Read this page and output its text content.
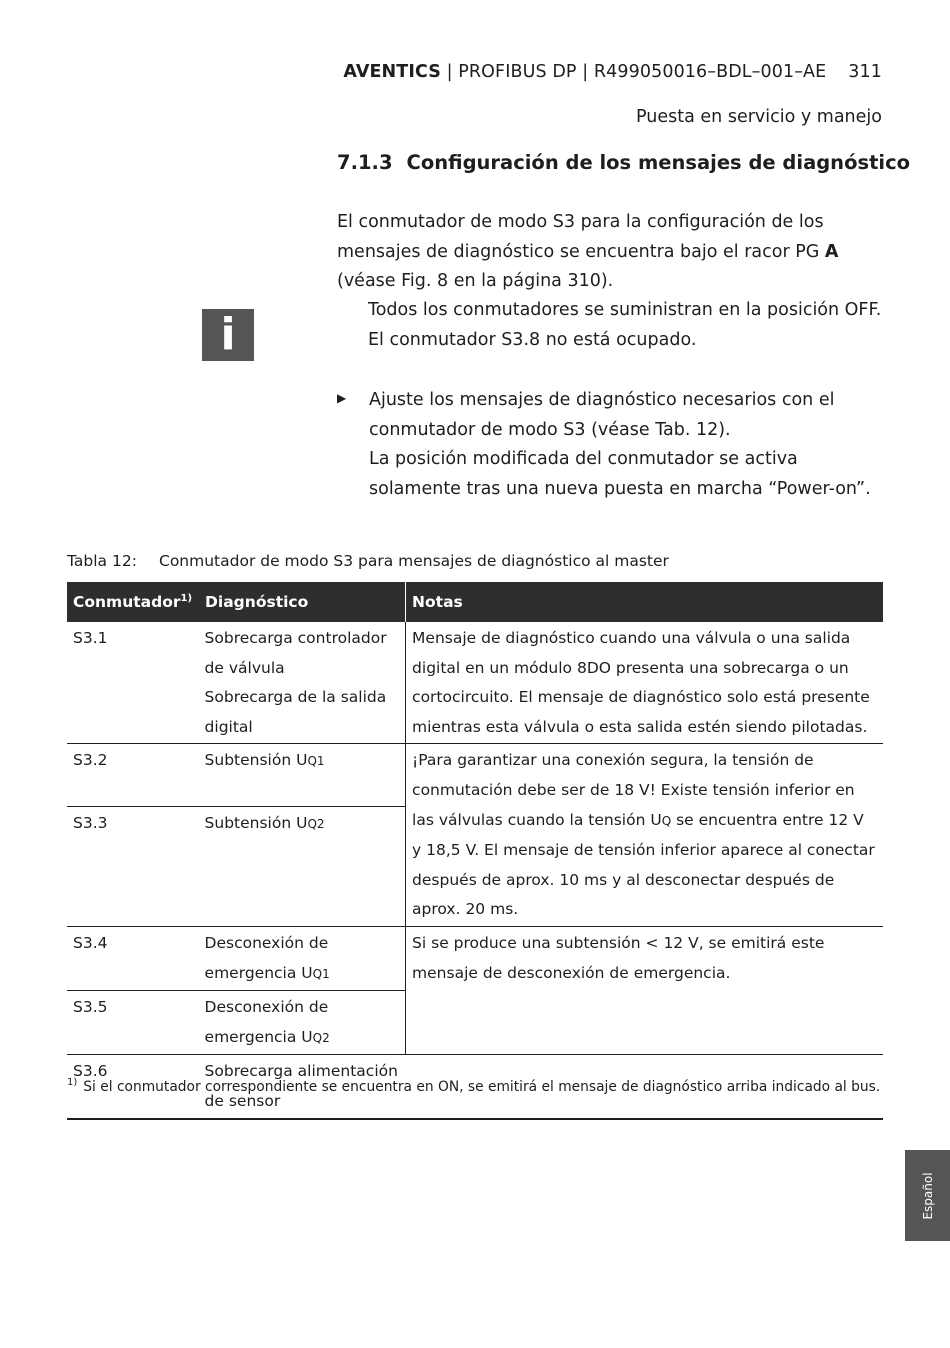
AVENTICS | PROFIBUS DP | R499050016–BDL–001–AE 311
Puesta en servicio y manejo
7.1.3 Configuración de los mensajes de diagnóstico
El conmutador de modo S3 para la configuración de los mensajes de diagnóstico se encuentra bajo el racor PG A (véase Fig. 8 en la página 310).
i	Todos los conmutadores se suministran en la posición OFF.
El conmutador S3.8 no está ocupado.
▶ Ajuste los mensajes de diagnóstico necesarios con el conmutador de modo S3 (véase Tab. 12).
La posición modificada del conmutador se activa solamente tras una nueva puesta en marcha “Power-on”.
Tabla 12: Conmutador de modo S3 para mensajes de diagnóstico al master
Conmutador$^{1)}$	Diagnóstico	Notas
S3.1	Sobrecarga controlador de válvula
Sobrecarga de la salida digital	Mensaje de diagnóstico cuando una válvula o una salida digital en un módulo 8DO presenta una sobrecarga o un cortocircuito. El mensaje de diagnóstico solo está presente mientras esta válvula o esta salida estén siendo pilotadas.
S3.2	Subtensión UQ1	¡Para garantizar una conexión segura, la tensión de conmutación debe ser de 18 V! Existe tensión inferior en las válvulas cuando la tensión UQ se encuentra entre 12 V y 18,5 V. El mensaje de tensión inferior aparece al conectar después de aprox. 10 ms y al desconectar después de aprox. 20 ms.
S3.3	Subtensión UQ2	
S3.4	Desconexión de emergencia UQ1	Si se produce una subtensión < 12 V, se emitirá este mensaje de desconexión de emergencia.
S3.5	Desconexión de emergencia UQ2	
S3.6	Sobrecarga alimentación de sensor	
$^{1)}$ Si el conmutador correspondiente se encuentra en ON, se emitirá el mensaje de diagnóstico arriba indicado al bus.
Español
